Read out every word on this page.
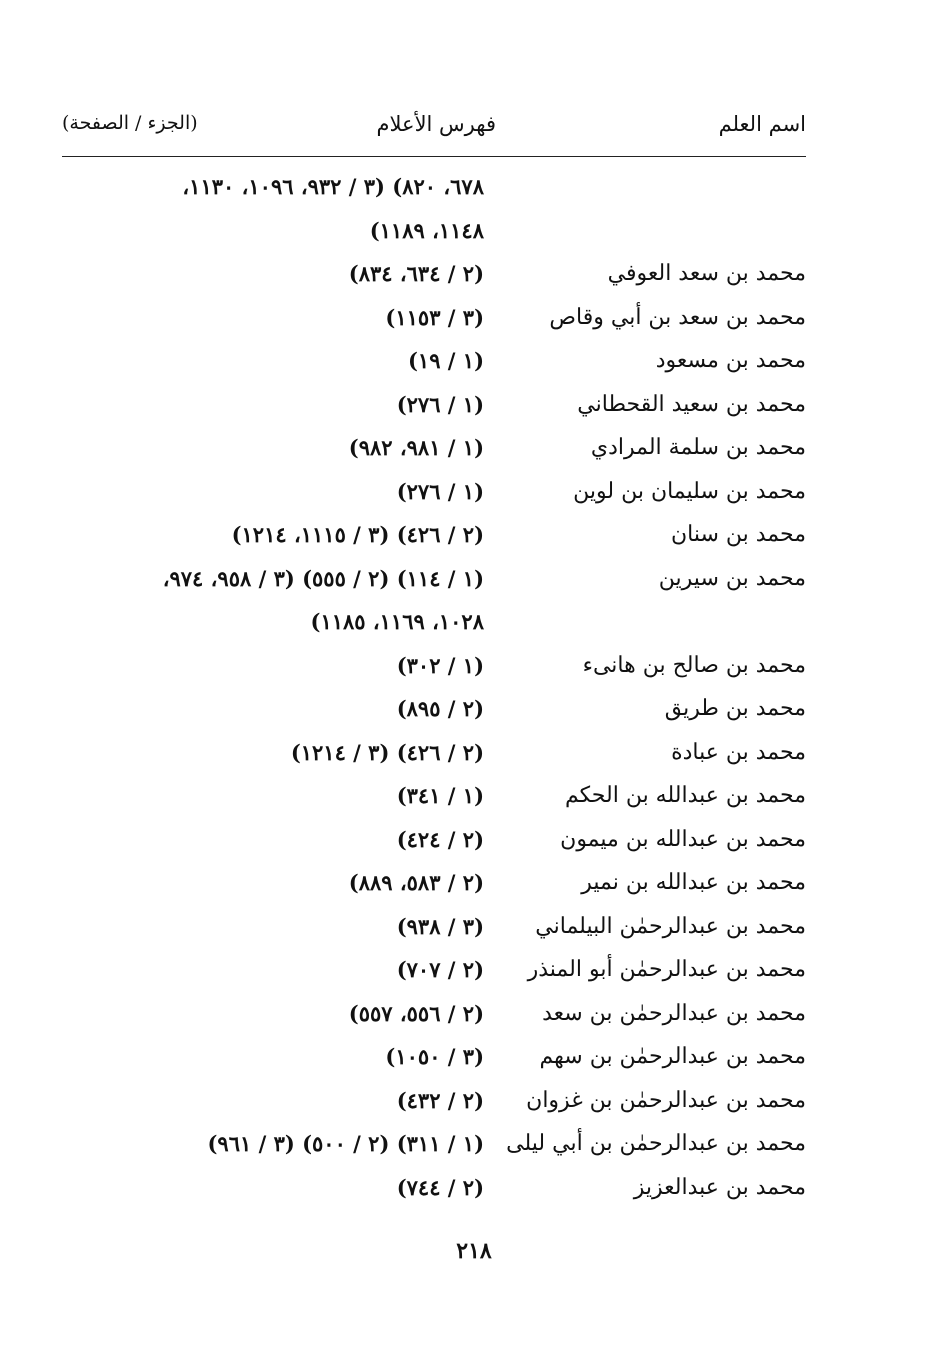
اسم العلم
فهرس الأعلام
(الجزء / الصفحة)
٦٧٨، ٨٢٠) (٣ / ٩٣٢، ١٠٩٦، ١١٣٠،
١١٤٨، ١١٨٩)
محمد بن سعد العوفي
(٢ / ٦٣٤، ٨٣٤)
محمد بن سعد بن أبي وقاص
(٣ / ١١٥٣)
محمد بن مسعود
(١ / ١٩)
محمد بن سعيد القحطاني
(١ / ٢٧٦)
محمد بن سلمة المرادي
(١ / ٩٨١، ٩٨٢)
محمد بن سليمان بن لوين
(١ / ٢٧٦)
محمد بن سنان
(٢ / ٤٢٦) (٣ / ١١١٥، ١٢١٤)
محمد بن سيرين
(١ / ١١٤) (٢ / ٥٥٥) (٣ / ٩٥٨، ٩٧٤،
١٠٢٨، ١١٦٩، ١١٨٥)
محمد بن صالح بن هانىء
(١ / ٣٠٢)
محمد بن طريق
(٢ / ٨٩٥)
محمد بن عبادة
(٢ / ٤٢٦) (٣ / ١٢١٤)
محمد بن عبدالله بن الحكم
(١ / ٣٤١)
محمد بن عبدالله بن ميمون
(٢ / ٤٢٤)
محمد بن عبدالله بن نمير
(٢ / ٥٨٣، ٨٨٩)
محمد بن عبدالرحمٰن البيلماني
(٣ / ٩٣٨)
محمد بن عبدالرحمٰن أبو المنذر
(٢ / ٧٠٧)
محمد بن عبدالرحمٰن بن سعد
(٢ / ٥٥٦، ٥٥٧)
محمد بن عبدالرحمٰن بن سهم
(٣ / ١٠٥٠)
محمد بن عبدالرحمٰن بن غزوان
(٢ / ٤٣٢)
محمد بن عبدالرحمٰن بن أبي ليلى
(١ / ٣١١) (٢ / ٥٠٠) (٣ / ٩٦١)
محمد بن عبدالعزيز
(٢ / ٧٤٤)
٢١٨
